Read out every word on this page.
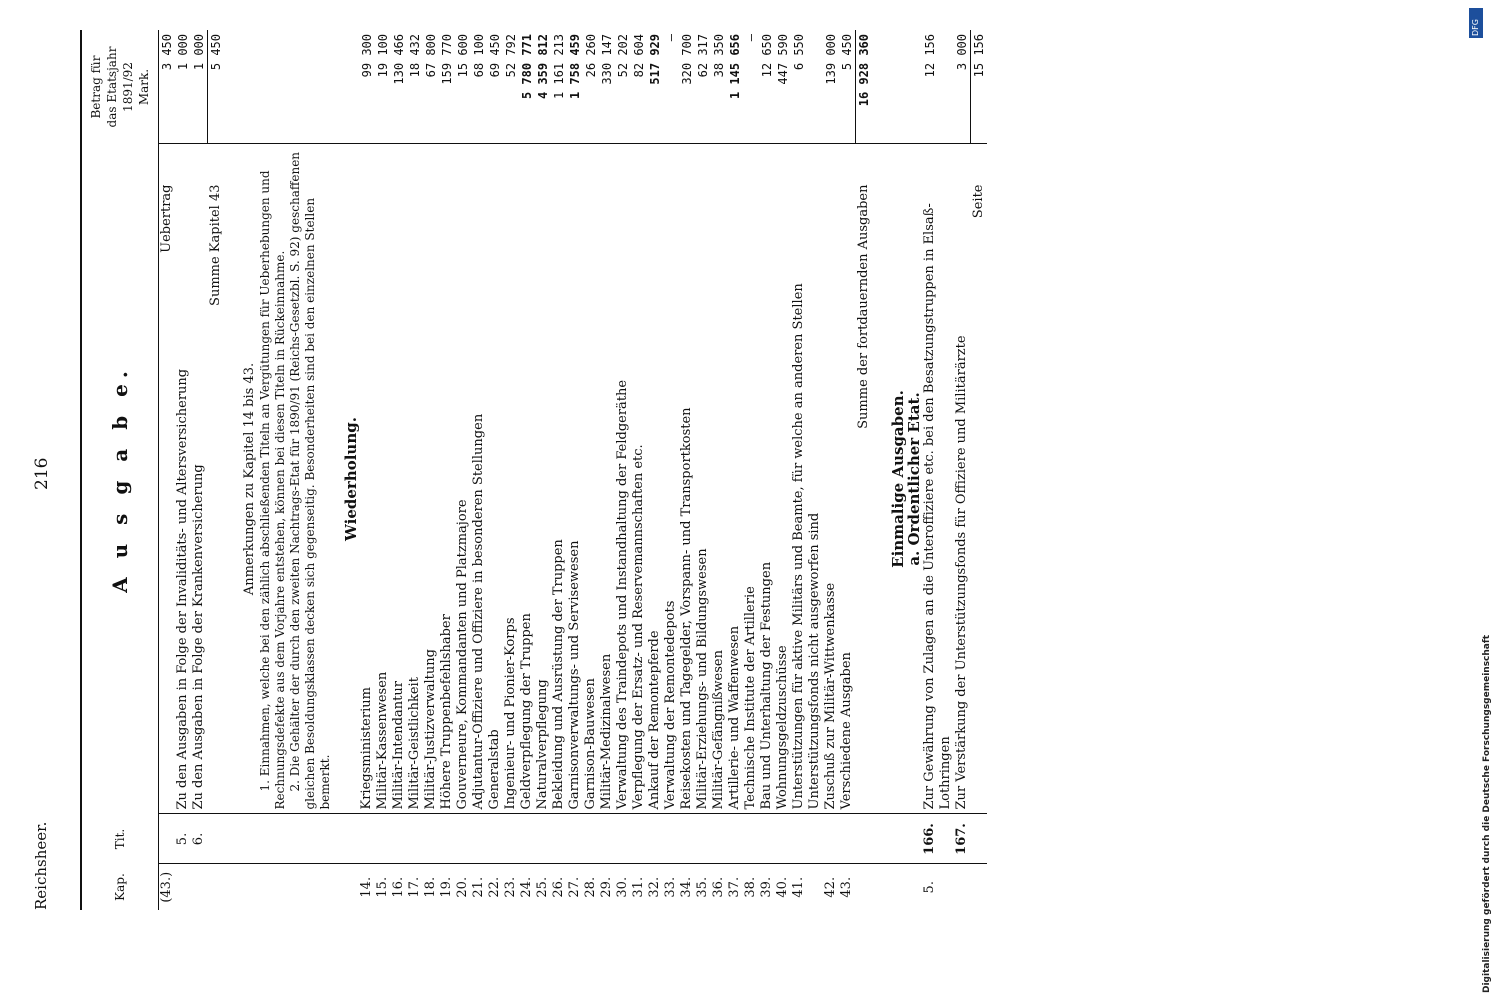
Reichsheer.
216
Kap.	Tit.	A u s g a b e.	Betrag für das Etatsjahr 1891/92 Mark.

(43.)		Uebertrag	3 450
	5.	Zu den Ausgaben in Folge der Invaliditäts- und Altersversicherung	1 000
	6.	Zu den Ausgaben in Folge der Krankenversicherung	1 000
		Summe Kapitel 43	5 450

		Anmerkungen zu Kapitel 14 bis 43.	
		1. Einnahmen, welche bei den zählich abschließenden Titeln an Vergütungen für Ueberhebungen und Rechnungsdefekte aus dem Vorjahre entstehen, können bei diesen Titeln in Rückeinnahme.	
		2. Die Gehälter der durch den zweiten Nachtrags-Etat für 1890/91 (Reichs-Gesetzbl. S. 92) geschaffenen gleichen Besoldungsklassen decken sich gegenseitig. Besonderheiten sind bei den einzelnen Stellen bemerkt.	

		Wiederholung.	
14.		Kriegsministerium	99 300
15.		Militär-Kassenwesen	19 100
16.		Militär-Intendantur	130 466
17.		Militär-Geistlichkeit	18 432
18.		Militär-Justizverwaltung	67 800
19.		Höhere Truppenbefehlshaber	159 770
20.		Gouverneure, Kommandanten und Platzmajore	15 600
21.		Adjutantur-Offiziere und Offiziere in besonderen Stellungen	68 100
22.		Generalstab	69 450
23.		Ingenieur- und Pionier-Korps	52 792
24.		Geldverpflegung der Truppen	5 780 771
25.		Naturalverpflegung	4 359 812
26.		Bekleidung und Ausrüstung der Truppen	1 161 213
27.		Garnisonverwaltungs- und Servisewesen	1 758 459
28.		Garnison-Bauwesen	26 260
29.		Militär-Medizinalwesen	330 147
30.		Verwaltung des Traindepots und Instandhaltung der Feldgeräthe	52 202
31.		Verpflegung der Ersatz- und Reservemannschaften etc.	82 604
32.		Ankauf der Remontepferde	517 929
33.		Verwaltung der Remontedepots	—
34.		Reisekosten und Tagegelder, Vorspann- und Transportkosten	320 700
35.		Militär-Erziehungs- und Bildungswesen	62 317
36.		Militär-Gefängnißwesen	38 350
37.		Artillerie- und Waffenwesen	1 145 656
38.		Technische Institute der Artillerie	—
39.		Bau und Unterhaltung der Festungen	12 650
40.		Wohnungsgeldzuschüsse	447 590
41.		Unterstützungen für aktive Militärs und Beamte, für welche an anderen Stellen Unterstützungsfonds nicht ausgeworfen sind	6 550
42.		Zuschuß zur Militär-Wittwenkasse	139 000
43.		Verschiedene Ausgaben	5 450
		Summe der fortdauernden Ausgaben	16 928 360

		Einmalige Ausgaben.	
		a. Ordentlicher Etat.	
5.	166.	Zur Gewährung von Zulagen an die Unteroffiziere etc. bei den Besatzungstruppen in Elsaß-Lothringen	12 156
	167.	Zur Verstärkung der Unterstützungsfonds für Offiziere und Militärärzte	3 000
		Seite	15 156
DFG
Digitalisierung gefördert durch die Deutsche Forschungsgemeinschaft
